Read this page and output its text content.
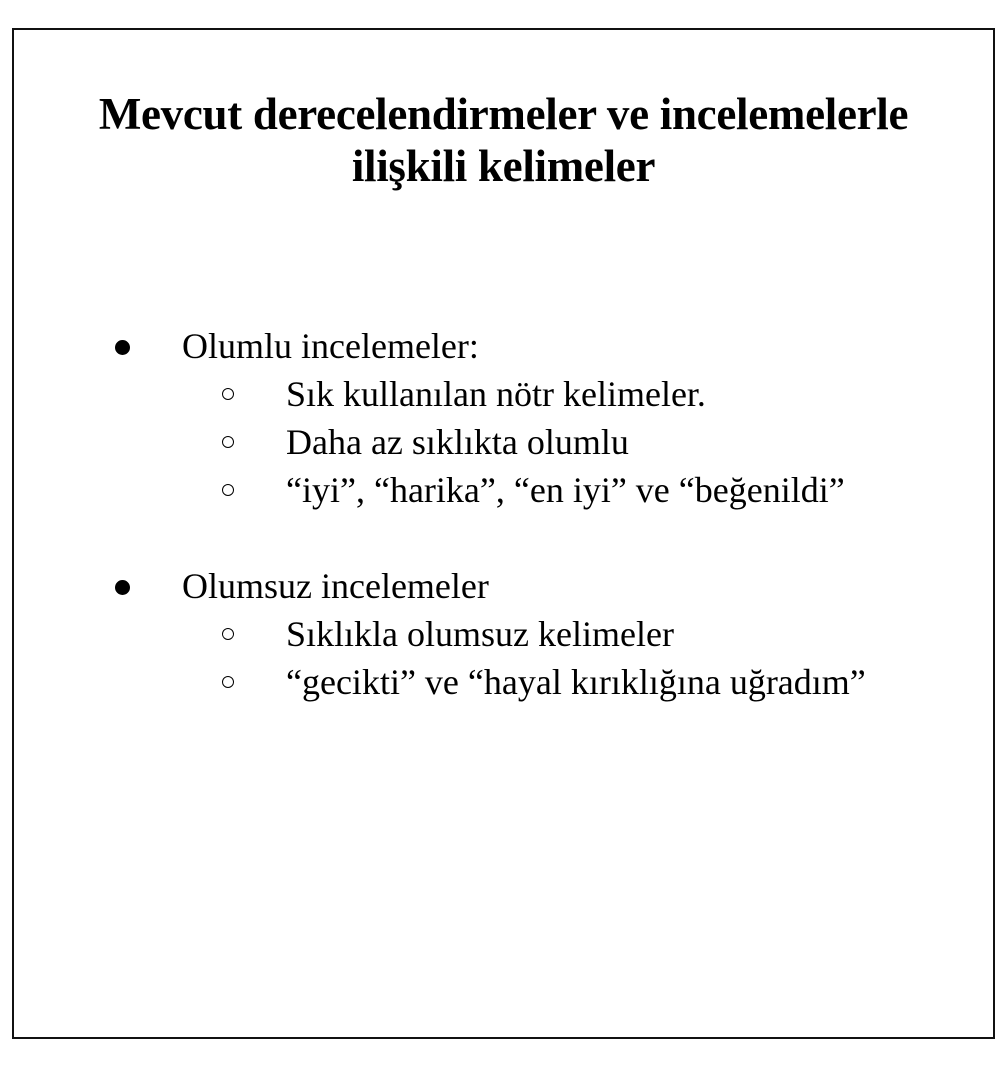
Mevcut derecelendirmeler ve incelemelerle
ilişkili kelimeler
Olumlu incelemeler:
Sık kullanılan nötr kelimeler.
Daha az sıklıkta olumlu
“iyi”, “harika”, “en iyi” ve “beğenildi”
Olumsuz incelemeler
Sıklıkla olumsuz kelimeler
“gecikti” ve “hayal kırıklığına uğradım”
